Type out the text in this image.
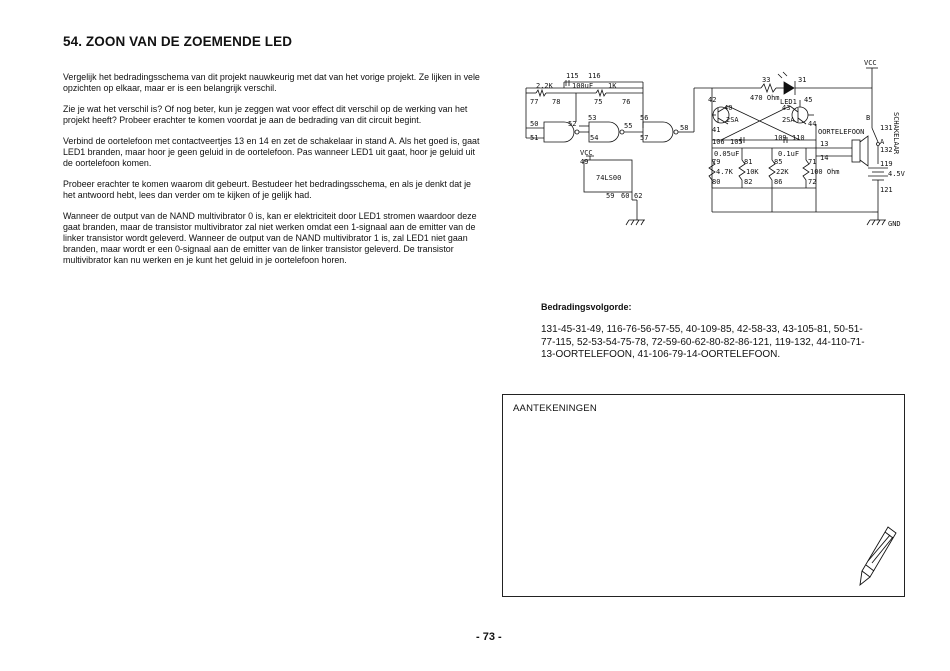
54. ZOON VAN DE ZOEMENDE LED

Vergelijk het bedradingsschema van dit projekt nauwkeurig met dat van het vorige projekt. Ze lijken in vele opzichten op elkaar, maar er is een belangrijk verschil.

Zie je wat het verschil is? Of nog beter, kun je zeggen wat voor effect dit verschil op de werking van het projekt heeft? Probeer erachter te komen voordat je aan de bedrading van dit circuit begint.

Verbind de oortelefoon met contactveertjes 13 en 14 en zet de schakelaar in stand A. Als het goed is, gaat LED1 branden, maar hoor je geen geluid in de oortelefoon. Pas wanneer LED1 uit gaat, hoor je geluid uit de oortelefoon komen.

Probeer erachter te komen waarom dit gebeurt. Bestudeer het bedradingsschema, en als je denkt dat je het antwoord hebt, lees dan verder om te kijken of je gelijk had.

Wanneer de output van de NAND multivibrator 0 is, kan er elektriciteit door LED1 stromen waardoor deze gaat branden, maar de transistor multivibrator zal niet werken omdat een 1-signaal aan de emitter van de linker transistor wordt geleverd. Wanneer de output van de NAND multivibrator 1 is, zal LED1 niet gaan branden, maar wordt er een 0-signaal aan de emitter van de linker transistor geleverd. De transistor multivibrator kan nu werken en je kunt het geluid in je oortelefoon horen.

115 116
2.2K	100uF 1K
77 78	75	76
50
51
52
53
54
55
56
57
58
VCC
49
74LS00
59 60 62
33
470 Ohm LED1
31
VCC
42
40
2SA
41
43
45
2SA 44
106 105	109 110
0.05uF	0.1uF
79	81	85	71
4.7K 10K 22K	100 Ohm
80	82	86	72
13
14
OORTELEFOON
B
131
132
A
119
4.5V
121
GND
SCHAKELAAR
Bedradingsvolgorde:
131-45-31-49, 116-76-56-57-55, 40-109-85, 42-58-33, 43-105-81, 50-51-77-115, 52-53-54-75-78, 72-59-60-62-80-82-86-121, 119-132, 44-110-71-13-OORTELEFOON, 41-106-79-14-OORTELEFOON.
AANTEKENINGEN
- 73 -
